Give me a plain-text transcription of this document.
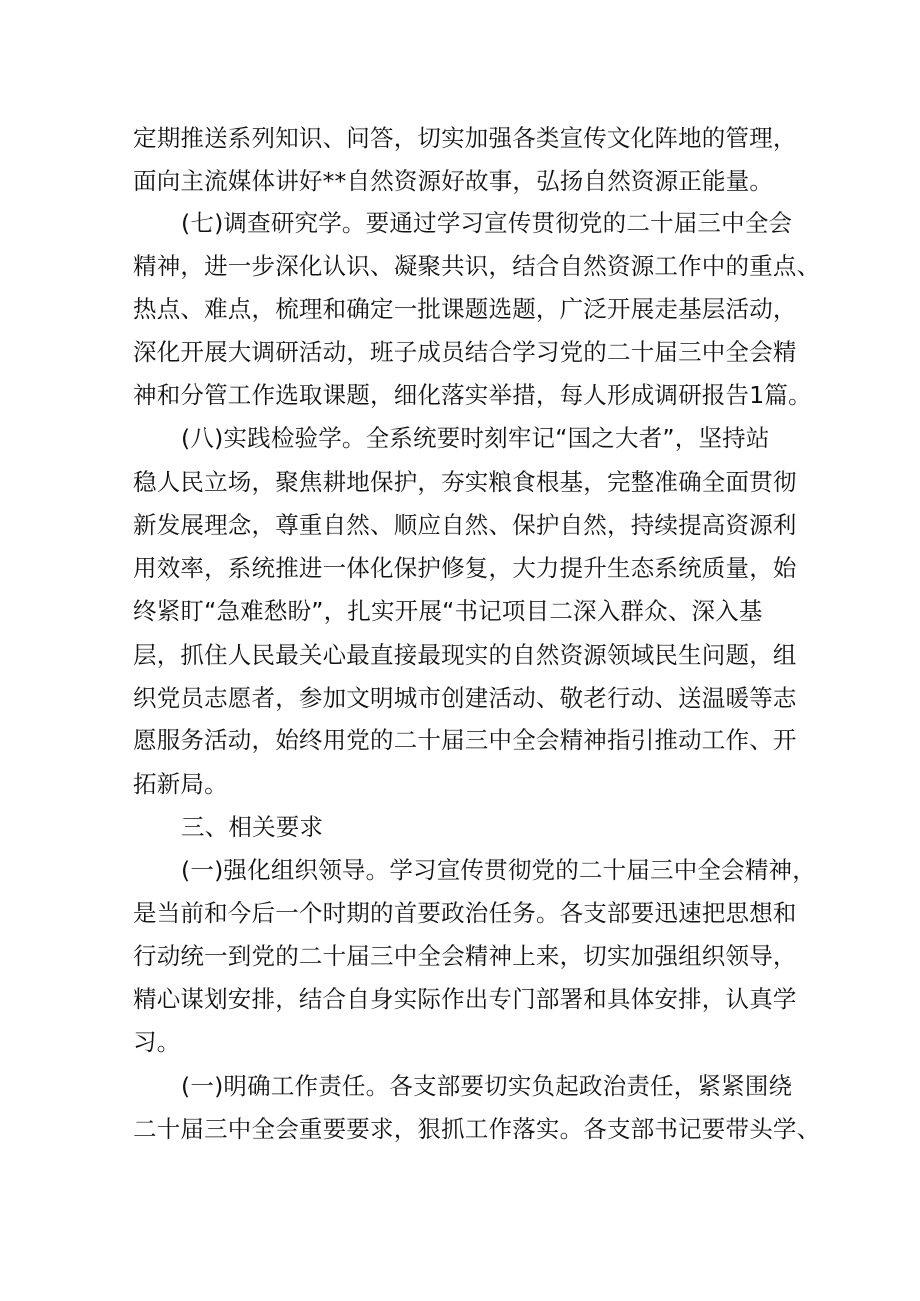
定期推送系列知识、问答，切实加强各类宣传文化阵地的管理，
面向主流媒体讲好**自然资源好故事，弘扬自然资源正能量。
(七)调查研究学。要通过学习宣传贯彻党的二十届三中全会
精神，进一步深化认识、凝聚共识，结合自然资源工作中的重点、
热点、难点，梳理和确定一批课题选题，广泛开展走基层活动，
深化开展大调研活动，班子成员结合学习党的二十届三中全会精
神和分管工作选取课题，细化落实举措，每人形成调研报告1篇。
(八)实践检验学。全系统要时刻牢记“国之大者”，坚持站
稳人民立场，聚焦耕地保护，夯实粮食根基，完整准确全面贯彻
新发展理念，尊重自然、顺应自然、保护自然，持续提高资源利
用效率，系统推进一体化保护修复，大力提升生态系统质量，始
终紧盯“急难愁盼”，扎实开展“书记项目二深入群众、深入基
层，抓住人民最关心最直接最现实的自然资源领域民生问题，组
织党员志愿者，参加文明城市创建活动、敬老行动、送温暖等志
愿服务活动，始终用党的二十届三中全会精神指引推动工作、开
拓新局。
三、相关要求
(一)强化组织领导。学习宣传贯彻党的二十届三中全会精神，
是当前和今后一个时期的首要政治任务。各支部要迅速把思想和
行动统一到党的二十届三中全会精神上来，切实加强组织领导，
精心谋划安排，结合自身实际作出专门部署和具体安排，认真学
习。
(一)明确工作责任。各支部要切实负起政治责任，紧紧围绕
二十届三中全会重要要求，狠抓工作落实。各支部书记要带头学、
